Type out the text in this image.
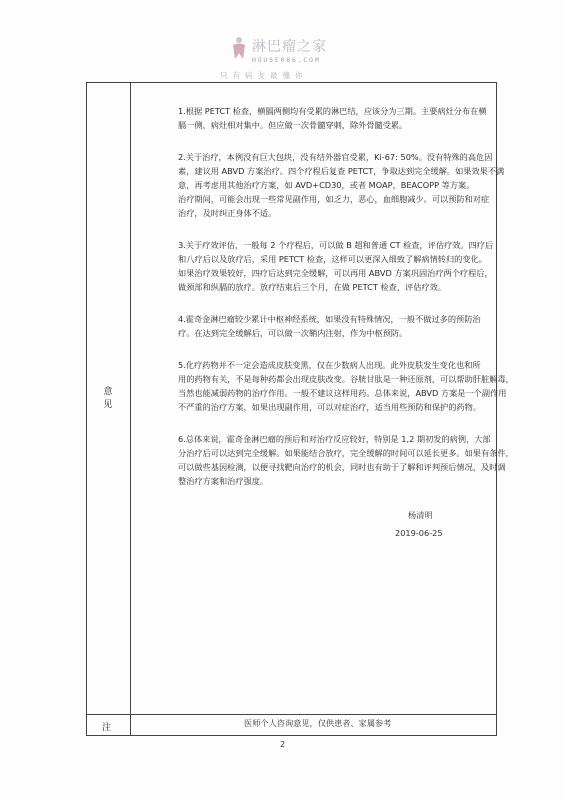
淋巴瘤之家
HOUSE086.COM
只有病友最懂你
意见
注

1.根据 PETCT 检查，横膈两侧均有受累的淋巴结，应该分为三期。主要病灶分布在横

膈一侧，病灶相对集中。但应做一次骨髓穿刺，除外骨髓受累。

2.关于治疗，本例没有巨大包块，没有结外器官受累，Ki-67: 50%。没有特殊的高危因

素，建议用 ABVD 方案治疗。四个疗程后复查 PETCT，争取达到完全缓解。如果效果不满

意，再考虑用其他治疗方案，如 AVD+CD30，或者 MOAP，BEACOPP 等方案。

治疗期间，可能会出现一些常见副作用，如乏力，恶心，血细胞减少。可以预防和对症

治疗，及时纠正身体不适。

3.关于疗效评估，一般每 2 个疗程后，可以做 B 超和普通 CT 检查，评估疗效。四疗后

和八疗后以及放疗后，采用 PETCT 检查，这样可以更深入细致了解病情转归的变化。

如果治疗效果较好，四疗后达到完全缓解，可以再用 ABVD 方案巩固治疗两个疗程后，

做颈部和纵膈的放疗。放疗结束后三个月，在做 PETCT 检查，评估疗效。

4.霍奇金淋巴瘤较少累计中枢神经系统，如果没有特殊情况，一般不做过多的预防治

疗。在达到完全缓解后，可以做一次鞘内注射，作为中枢预防。

5.化疗药物并不一定会造成皮肤变黑，仅在少数病人出现。此外皮肤发生变化也和所

用的药物有关，不是每种药都会出现皮肤改变。谷胱甘肽是一种还原剂，可以帮助肝脏解毒，

当然也能减弱药物的治疗作用。一般不建议这样用药。总体来说，ABVD 方案是一个副作用

不严重的治疗方案，如果出现副作用，可以对症治疗，适当用些预防和保护的药物。

6.总体来说，霍奇金淋巴瘤的预后和对治疗反应较好，特别是 1,2 期初发的病例，大部

分治疗后可以达到完全缓解。如果能结合放疗，完全缓解的时间可以延长更多。如果有条件，

可以做些基因检测，以便寻找靶向治疗的机会，同时也有助于了解和评判预后情况，及时调

整治疗方案和治疗强度。

杨清明
2019-06-25
医师个人咨询意见，仅供患者、家属参考
2
